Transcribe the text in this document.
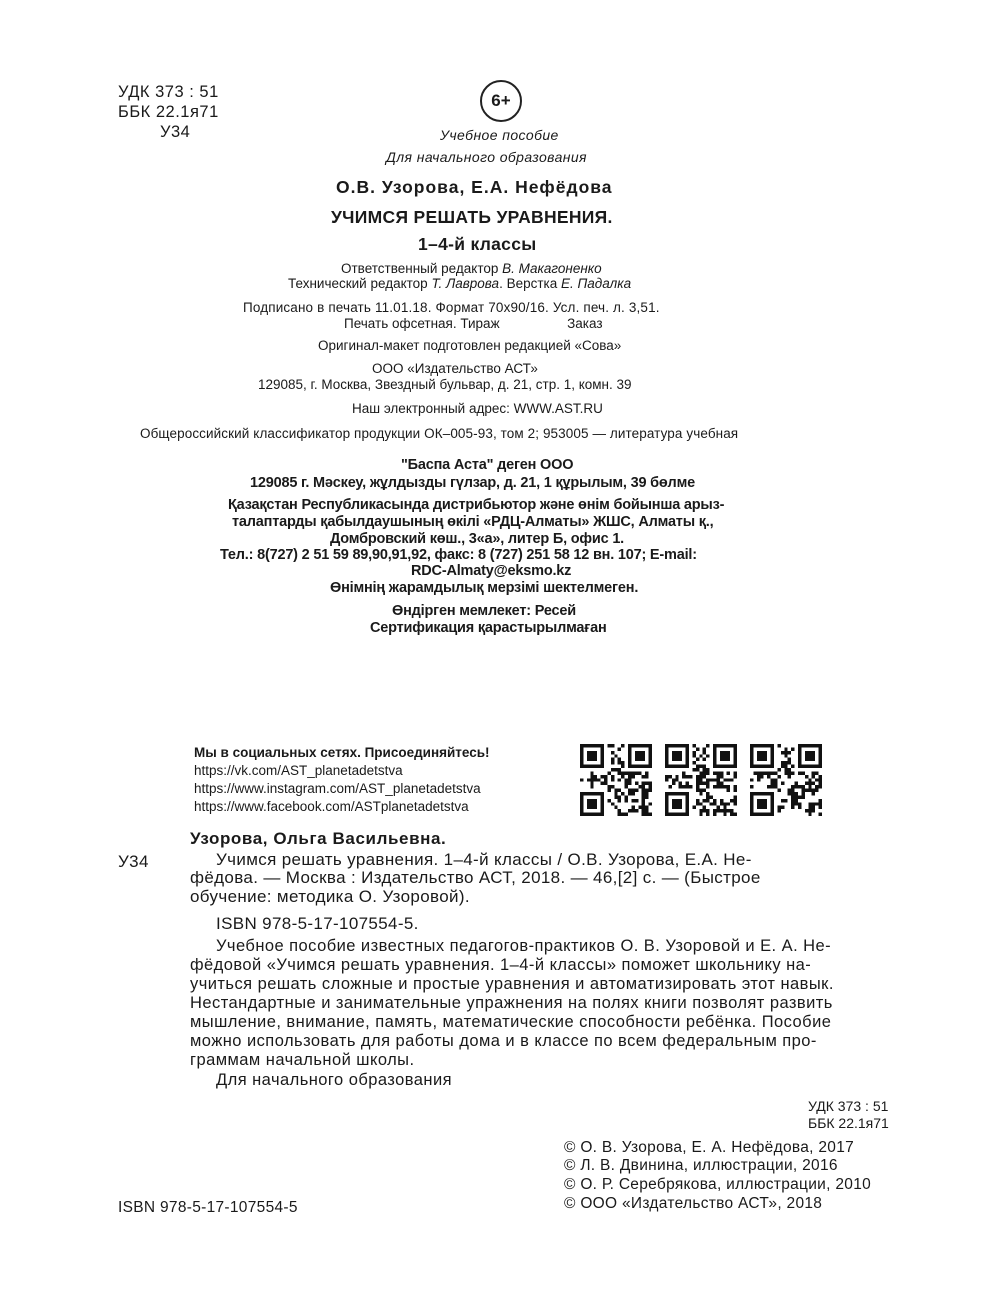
УДК 373 : 51
ББК 22.1я71
У34
6+
Учебное пособие
Для начального образования
О.В. Узорова, Е.А. Нефёдова
УЧИМСЯ РЕШАТЬ УРАВНЕНИЯ.
1–4-й классы
Ответственный редактор В. Макагоненко
Технический редактор Т. Лаврова. Верстка Е. Падалка
Подписано в печать 11.01.18. Формат 70х90/16. Усл. печ. л. 3,51.
Печать офсетная. Тираж                  Заказ
Оригинал-макет подготовлен редакцией «Сова»
ООО «Издательство АСТ»
129085, г. Москва, Звездный бульвар, д. 21, стр. 1, комн. 39
Наш электронный адрес: WWW.AST.RU
Общероссийский классификатор продукции ОК–005-93, том 2; 953005 — литература учебная
"Баспа Аста" деген ООО
129085 г. Мәскеу, жұлдызды гүлзар, д. 21, 1 құрылым, 39 бөлме
Қазақстан Республикасында дистрибьютор және өнім бойынша арыз-
талаптарды қабылдаушының өкілі «РДЦ-Алматы» ЖШС, Алматы қ.,
Домбровский көш., 3«а», литер Б, офис 1.
Тел.: 8(727) 2 51 59 89,90,91,92, факс: 8 (727) 251 58 12 вн. 107; E-mail:
RDC-Almaty@eksmo.kz
Өнімнің жарамдылық мерзімі шектелмеген.
Өндірген мемлекет: Ресей
Сертификация қарастырылмаған
Мы в социальных сетях. Присоединяйтесь!
https://vk.com/AST_planetadetstva
https://www.instagram.com/AST_planetadetstva
https://www.facebook.com/ASTplanetadetstva
Узорова, Ольга Васильевна.
У34	Учимся решать уравнения. 1–4-й классы / О.В. Узорова, Е.А. Не-
фёдова. — Москва : Издательство АСТ, 2018. — 46,[2] с. — (Быстрое
обучение: методика О. Узоровой).
ISBN 978-5-17-107554-5.
Учебное пособие известных педагогов-практиков О. В. Узоровой и Е. А. Не-
фёдовой «Учимся решать уравнения. 1–4-й классы» поможет школьнику на-
учиться решать сложные и простые уравнения и автоматизировать этот навык.
Нестандартные и занимательные упражнения на полях книги позволят развить
мышление, внимание, память, математические способности ребёнка. Пособие
можно использовать для работы дома и в классе по всем федеральным про-
граммам начальной школы.
Для начального образования
УДК 373 : 51
ББК 22.1я71
© О. В. Узорова, Е. А. Нефёдова, 2017
© Л. В. Двинина, иллюстрации, 2016
© О. Р. Серебрякова, иллюстрации, 2010
© ООО «Издательство АСТ», 2018
ISBN 978-5-17-107554-5
